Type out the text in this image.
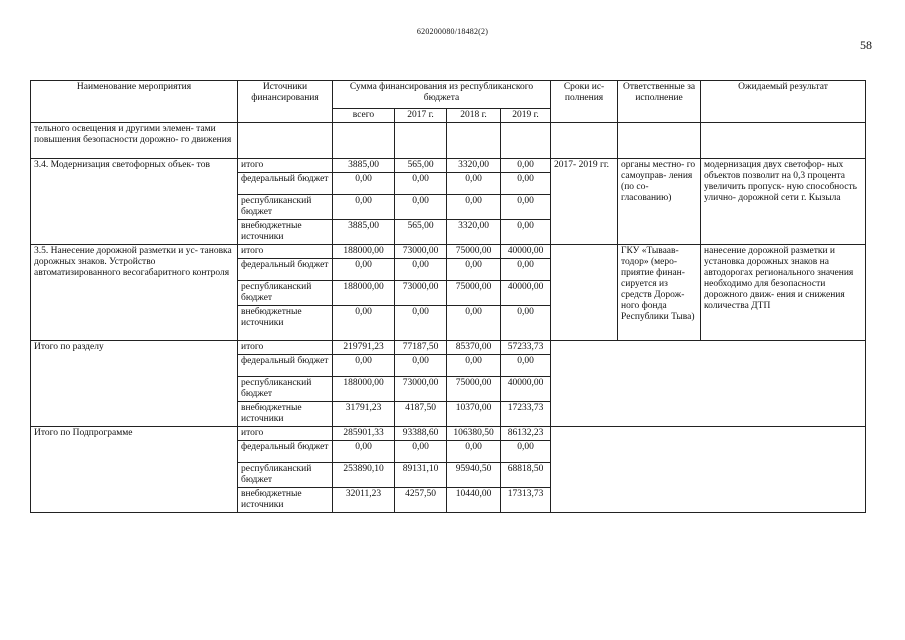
620200080/18482(2)
58
Наименование мероприятия	Источники финансирования	Сумма финансирования из республиканского бюджета				Сроки ис- полнения	Ответственные за исполнение	Ожидаемый результат
		всего	2017 г.	2018 г.	2019 г.			
тельного освещения и другими элемен- тами повышения безопасности дорожно- го движения								
3.4. Модернизация светофорных объек- тов	итого	3885,00	565,00	3320,00	0,00	2017- 2019 гг.	органы местно- го самоуправ- ления (по со- гласованию)	модернизация двух светофор- ных объектов позволит на 0,3 процента увеличить пропуск- ную способность улично- дорожной сети г. Кызыла
	федеральный бюджет	0,00	0,00	0,00	0,00			
	республиканский бюджет	0,00	0,00	0,00	0,00			
	внебюджетные источники	3885,00	565,00	3320,00	0,00			
3.5. Нанесение дорожной разметки и ус- тановка дорожных знаков. Устройство автоматизированного весогабаритного контроля	итого	188000,00	73000,00	75000,00	40000,00		ГКУ «Тываав- тодор» (меро- приятие финан- сируется из средств Дорож- ного фонда Республики Тыва)	нанесение дорожной разметки и установка дорожных знаков на автодорогах регионального значения необходимо для безопасности дорожного движ- ения и снижения количества ДТП
	федеральный бюджет	0,00	0,00	0,00	0,00			
	республиканский бюджет	188000,00	73000,00	75000,00	40000,00			
	внебюджетные источники	0,00	0,00	0,00	0,00			
Итого по разделу	итого	219791,23	77187,50	85370,00	57233,73			
	федеральный бюджет	0,00	0,00	0,00	0,00			
	республиканский бюджет	188000,00	73000,00	75000,00	40000,00			
	внебюджетные источники	31791,23	4187,50	10370,00	17233,73			
Итого по Подпрограмме	итого	285901,33	93388,60	106380,50	86132,23			
	федеральный бюджет	0,00	0,00	0,00	0,00			
	республиканский бюджет	253890,10	89131,10	95940,50	68818,50			
	внебюджетные источники	32011,23	4257,50	10440,00	17313,73			
